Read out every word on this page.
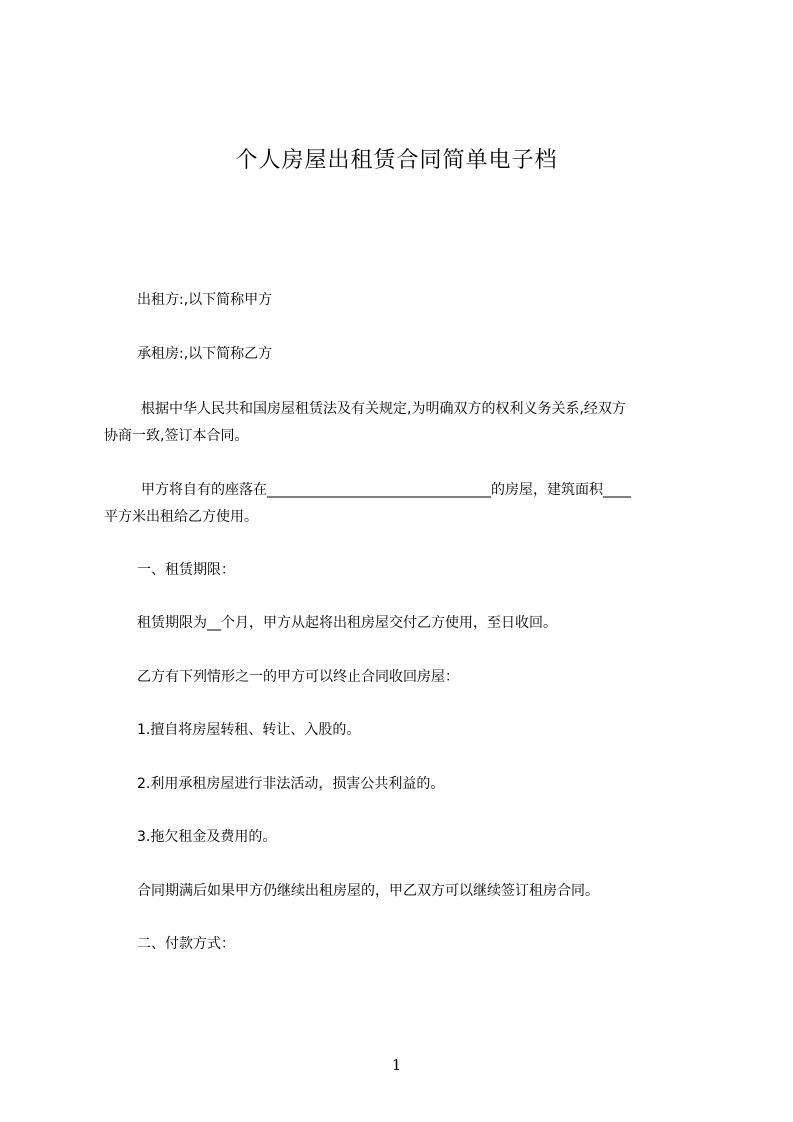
个人房屋出租赁合同简单电子档
出租方:,以下简称甲方
承租房:,以下简称乙方
根据中华人民共和国房屋租赁法及有关规定,为明确双方的权利义务关系,经双方
协商一致,签订本合同。
甲方将自有的座落在________________________________的房屋，建筑面积____
平方米出租给乙方使用。
一、租赁期限：
租赁期限为__个月，甲方从起将出租房屋交付乙方使用，至日收回。
乙方有下列情形之一的甲方可以终止合同收回房屋：
1.擅自将房屋转租、转让、入股的。
2.利用承租房屋进行非法活动，损害公共利益的。
3.拖欠租金及费用的。
合同期满后如果甲方仍继续出租房屋的，甲乙双方可以继续签订租房合同。
二、付款方式：
1
